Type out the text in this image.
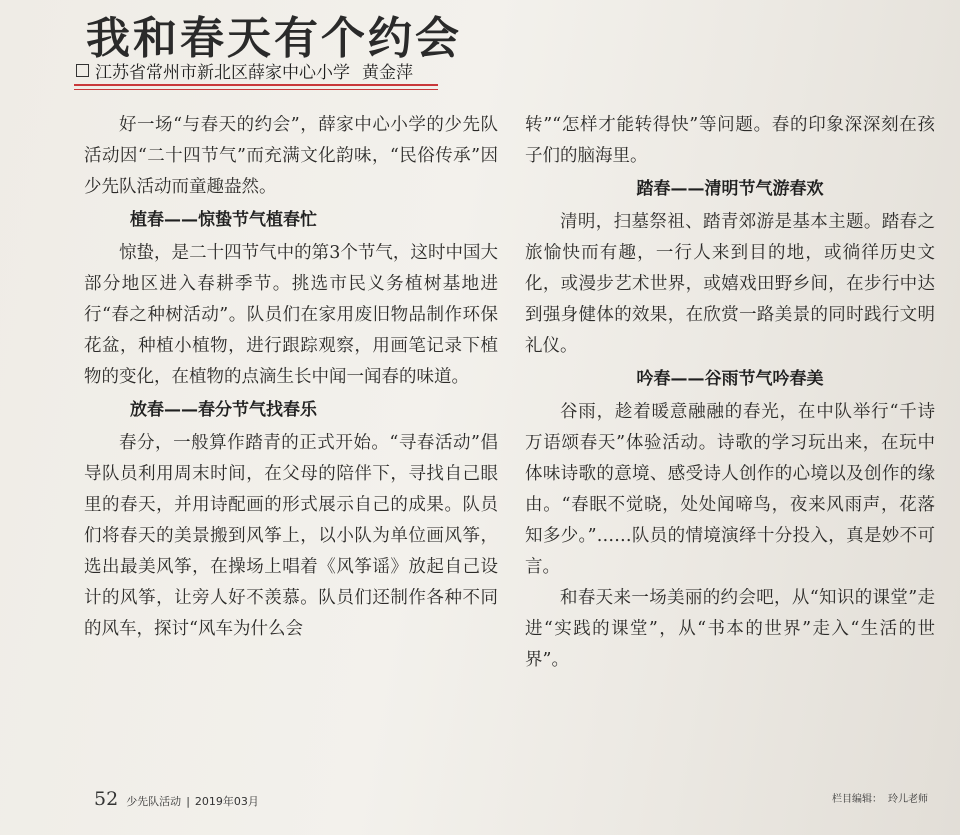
我和春天有个约会
江苏省常州市新北区薛家中心小学 黄金萍

好一场“与春天的约会”，薛家中心小学的少先队活动因“二十四节气”而充满文化韵味，“民俗传承”因少先队活动而童趣盎然。

植春——惊蛰节气植春忙

惊蛰，是二十四节气中的第3个节气，这时中国大部分地区进入春耕季节。挑选市民义务植树基地进行“春之种树活动”。队员们在家用废旧物品制作环保花盆，种植小植物，进行跟踪观察，用画笔记录下植物的变化，在植物的点滴生长中闻一闻春的味道。

放春——春分节气找春乐

春分，一般算作踏青的正式开始。“寻春活动”倡导队员利用周末时间，在父母的陪伴下，寻找自己眼里的春天，并用诗配画的形式展示自己的成果。队员们将春天的美景搬到风筝上，以小队为单位画风筝，选出最美风筝，在操场上唱着《风筝谣》放起自己设计的风筝，让旁人好不羡慕。队员们还制作各种不同的风车，探讨“风车为什么会

转”“怎样才能转得快”等问题。春的印象深深刻在孩子们的脑海里。

踏春——清明节气游春欢

清明，扫墓祭祖、踏青郊游是基本主题。踏春之旅愉快而有趣，一行人来到目的地，或徜徉历史文化，或漫步艺术世界，或嬉戏田野乡间，在步行中达到强身健体的效果，在欣赏一路美景的同时践行文明礼仪。

吟春——谷雨节气吟春美

谷雨，趁着暖意融融的春光，在中队举行“千诗万语颂春天”体验活动。诗歌的学习玩出来，在玩中体味诗歌的意境、感受诗人创作的心境以及创作的缘由。“春眠不觉晓，处处闻啼鸟，夜来风雨声，花落知多少。”……队员的情境演绎十分投入，真是妙不可言。

和春天来一场美丽的约会吧，从“知识的课堂”走进“实践的课堂”，从“书本的世界”走入“生活的世界”。

52 少先队活动 | 2019年03月	栏目编辑： 玲儿老师
